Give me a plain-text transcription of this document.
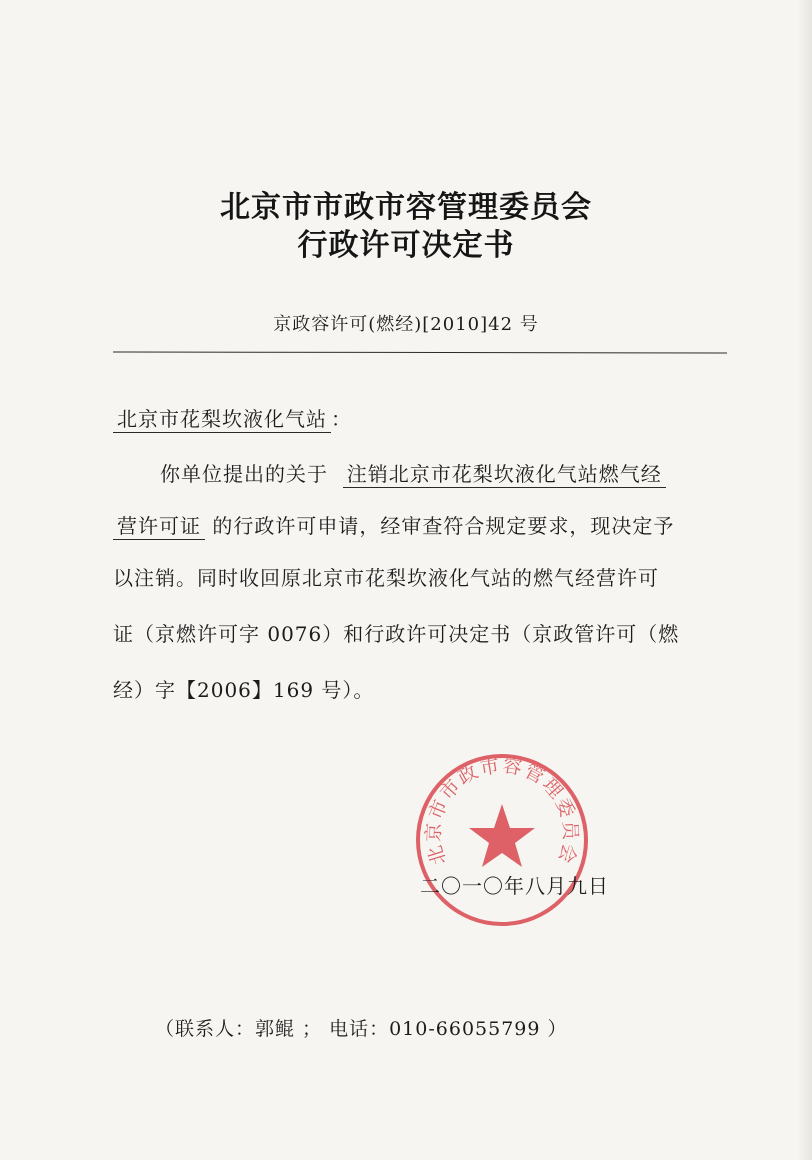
北京市市政市容管理委员会
行政许可决定书
京政容许可(燃经)[2010]42 号
北京市花梨坎液化气站 ：
你单位提出的关于 注销北京市花梨坎液化气站燃气经
营许可证 的行政许可申请，经审查符合规定要求，现决定予
以注销。同时收回原北京市花梨坎液化气站的燃气经营许可
证（京燃许可字 0076）和行政许可决定书（京政管许可（燃
经）字【2006】169 号）。
北京市市政市容管理委员会
二〇一〇年八月九日
（联系人：郭鲲 ； 电话：010-66055799 ）
